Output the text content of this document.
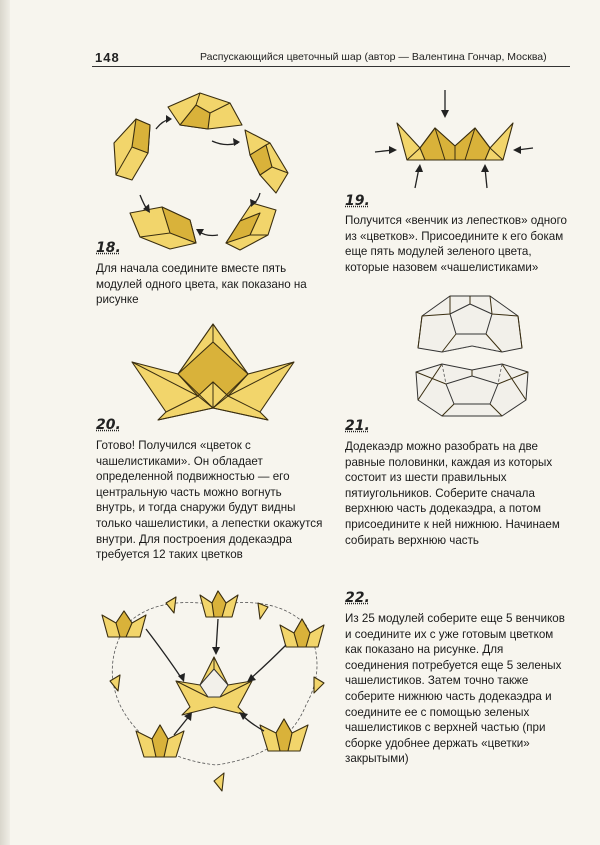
148	Распускающийся цветочный шар (автор — Валентина Гончар, Москва)
18.
Для начала соедините вместе пять модулей одного цвета, как показано на рисунке
19.
Получится «венчик из лепестков» одного из «цветков». Присоедините к его бокам еще пять модулей зеленого цвета, которые назовем «чашелистиками»
20.
Готово! Получился «цветок с чашелистиками». Он обладает определенной подвижностью — его центральную часть можно вогнуть внутрь, и тогда снаружи будут видны только чашелистики, а лепестки окажутся внутри. Для построения додекаэдра требуется 12 таких цветков
21.
Додекаэдр можно разобрать на две равные половинки, каждая из которых состоит из шести правильных пятиугольников. Соберите сначала верхнюю часть додекаэдра, а потом присоедините к ней нижнюю. Начинаем собирать верхнюю часть
22.
Из 25 модулей соберите еще 5 венчиков и соедините их с уже готовым цветком как показано на рисунке. Для соединения потребуется еще 5 зеленых чашелистиков. Затем точно также соберите нижнюю часть додекаэдра и соедините ее с помощью зеленых чашелистиков с верхней частью (при сборке удобнее держать «цветки» закрытыми)
